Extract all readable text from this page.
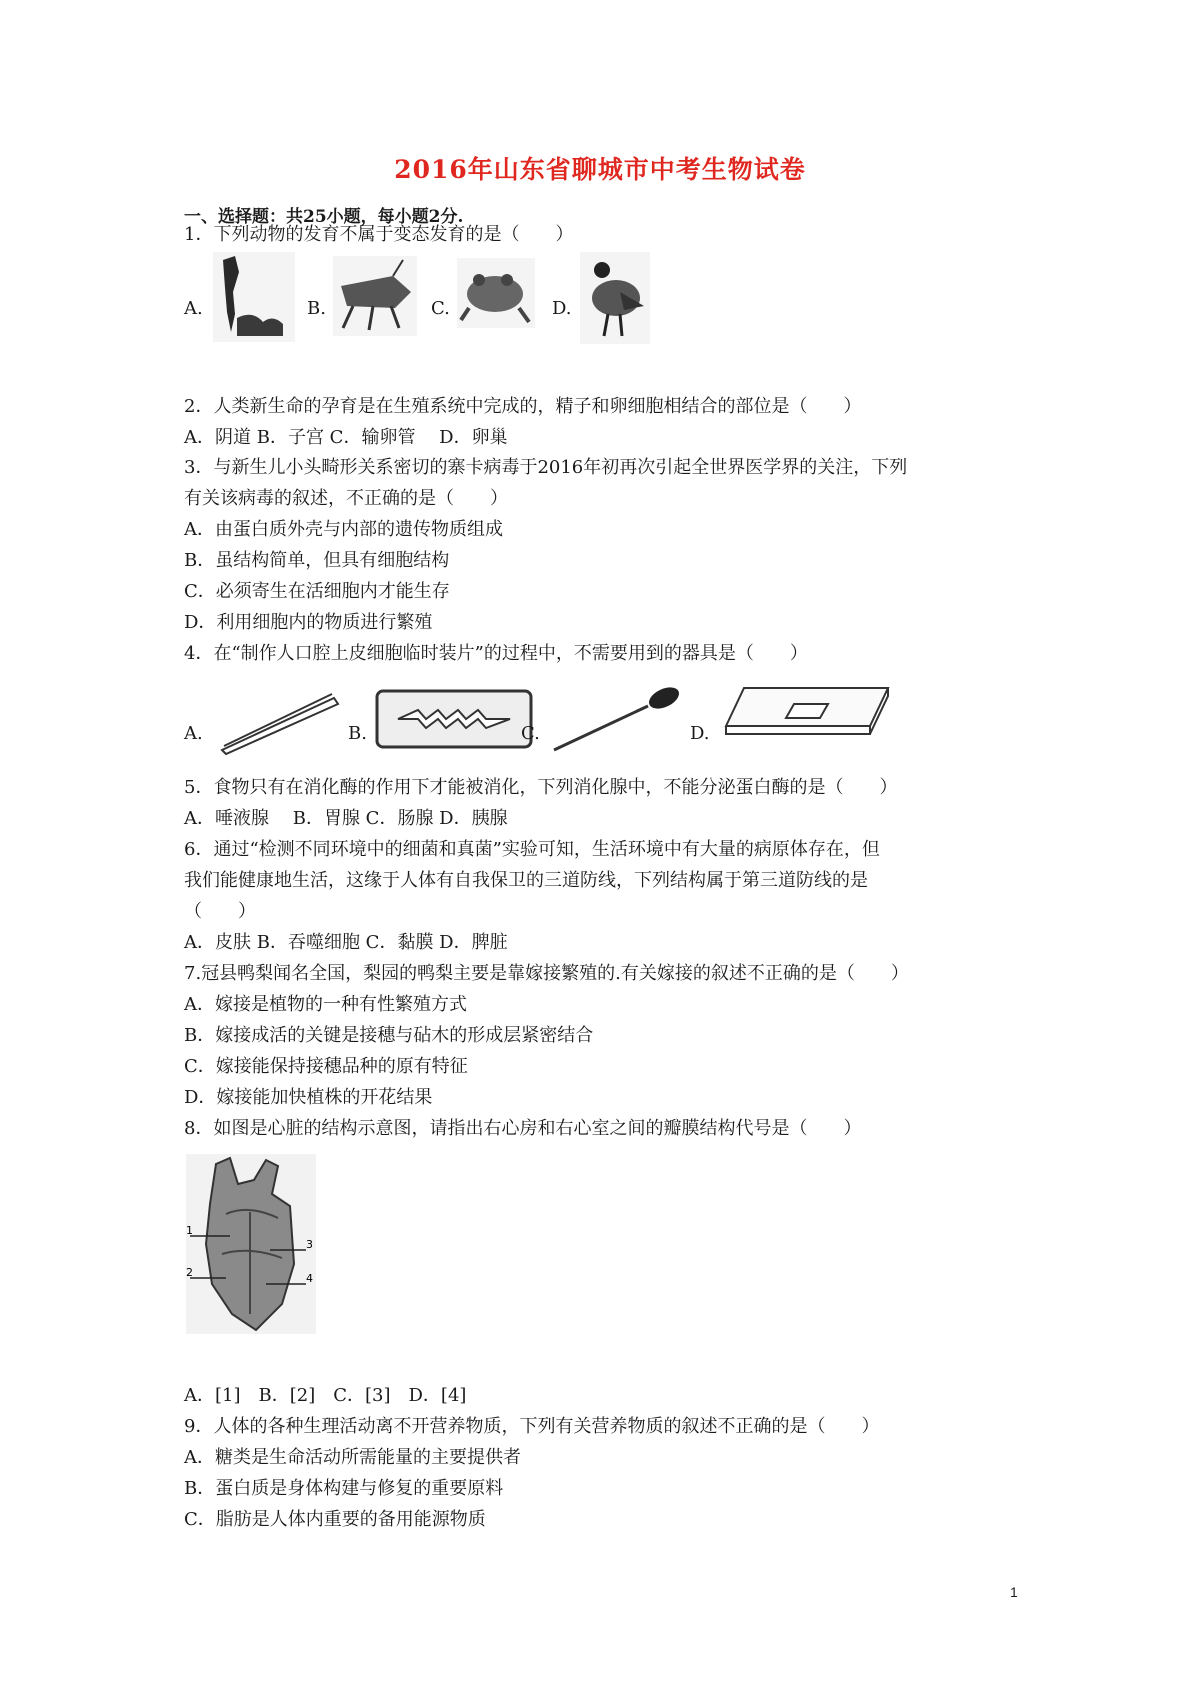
2016年山东省聊城市中考生物试卷
一、选择题：共25小题，每小题2分.
1．下列动物的发育不属于变态发育的是（　　）
A.	B.	C.	D.
2．人类新生命的孕育是在生殖系统中完成的，精子和卵细胞相结合的部位是（　　）
A．阴道 B．子宫 C．输卵管　 D．卵巢
3．与新生儿小头畸形关系密切的寨卡病毒于2016年初再次引起全世界医学界的关注，下列
有关该病毒的叙述，不正确的是（　　）
A．由蛋白质外壳与内部的遗传物质组成
B．虽结构简单，但具有细胞结构
C．必须寄生在活细胞内才能生存
D．利用细胞内的物质进行繁殖
4．在“制作人口腔上皮细胞临时装片”的过程中，不需要用到的器具是（　　）
A.	B.	C.	D.
5．食物只有在消化酶的作用下才能被消化，下列消化腺中，不能分泌蛋白酶的是（　　）
A．唾液腺　 B．胃腺 C．肠腺 D．胰腺
6．通过“检测不同环境中的细菌和真菌”实验可知，生活环境中有大量的病原体存在，但
我们能健康地生活，这缘于人体有自我保卫的三道防线，下列结构属于第三道防线的是
（　　）
A．皮肤 B．吞噬细胞 C．黏膜 D．脾脏
7.冠县鸭梨闻名全国，梨园的鸭梨主要是靠嫁接繁殖的.有关嫁接的叙述不正确的是（　　）
A．嫁接是植物的一种有性繁殖方式
B．嫁接成活的关键是接穗与砧木的形成层紧密结合
C．嫁接能保持接穗品种的原有特征
D．嫁接能加快植株的开花结果
8．如图是心脏的结构示意图，请指出右心房和右心室之间的瓣膜结构代号是（　　）
1
2
3
4
A．[1]　B．[2]　C．[3]　D．[4]
9．人体的各种生理活动离不开营养物质，下列有关营养物质的叙述不正确的是（　　）
A．糖类是生命活动所需能量的主要提供者
B．蛋白质是身体构建与修复的重要原料
C．脂肪是人体内重要的备用能源物质
1
